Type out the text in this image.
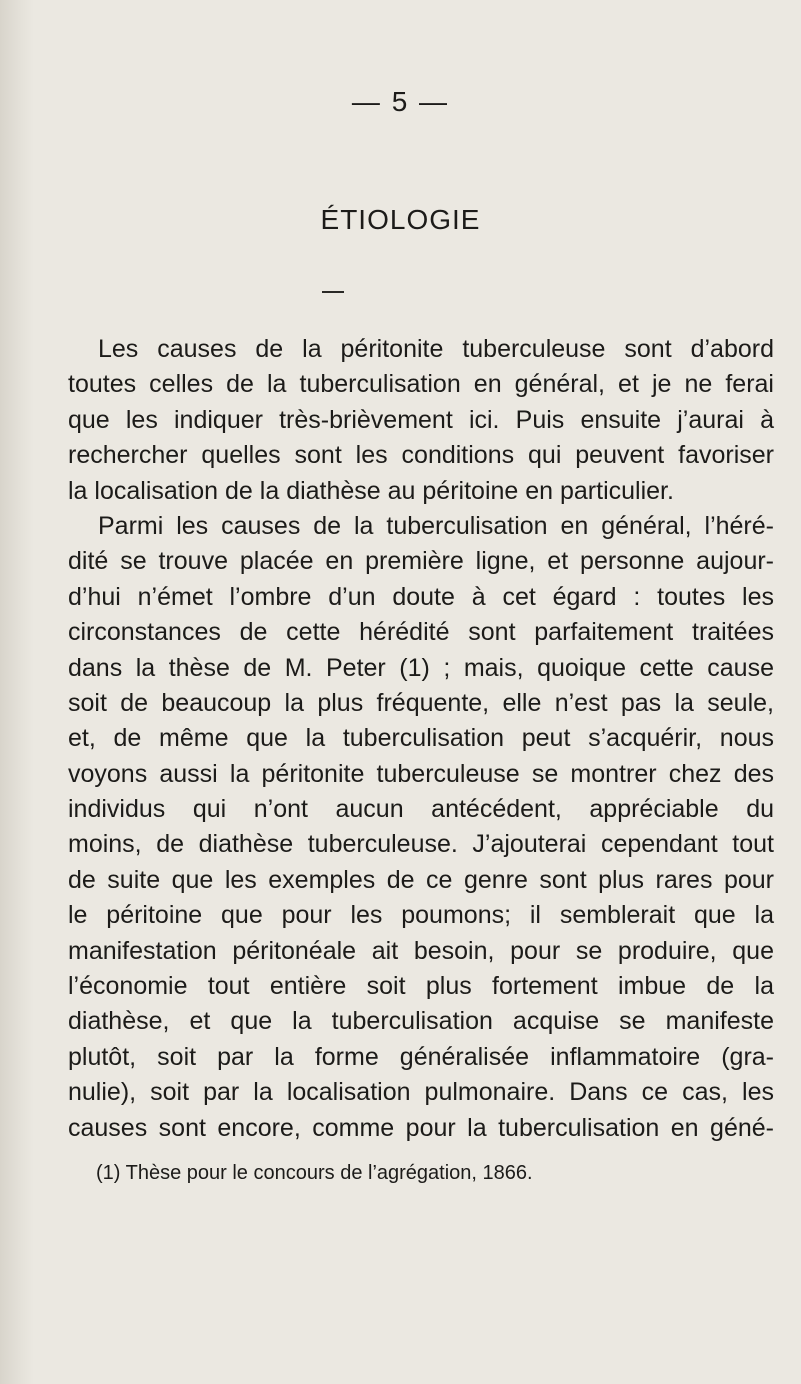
— 5 —
ÉTIOLOGIE
Les causes de la péritonite tuberculeuse sont d’abord
toutes celles de la tuberculisation en général, et je ne ferai
que les indiquer très-brièvement ici. Puis ensuite j’aurai à
rechercher quelles sont les conditions qui peuvent favoriser
la localisation de la diathèse au péritoine en particulier.
Parmi les causes de la tuberculisation en général, l’héré-
dité se trouve placée en première ligne, et personne aujour-
d’hui n’émet l’ombre d’un doute à cet égard : toutes les
circonstances de cette hérédité sont parfaitement traitées
dans la thèse de M. Peter (1) ; mais, quoique cette cause
soit de beaucoup la plus fréquente, elle n’est pas la seule,
et, de même que la tuberculisation peut s’acquérir, nous
voyons aussi la péritonite tuberculeuse se montrer chez des
individus qui n’ont aucun antécédent, appréciable du
moins, de diathèse tuberculeuse. J’ajouterai cependant tout
de suite que les exemples de ce genre sont plus rares pour
le péritoine que pour les poumons; il semblerait que la
manifestation péritonéale ait besoin, pour se produire, que
l’économie tout entière soit plus fortement imbue de la
diathèse, et que la tuberculisation acquise se manifeste
plutôt, soit par la forme généralisée inflammatoire (gra-
nulie), soit par la localisation pulmonaire. Dans ce cas, les
causes sont encore, comme pour la tuberculisation en géné-
(1) Thèse pour le concours de l’agrégation, 1866.
